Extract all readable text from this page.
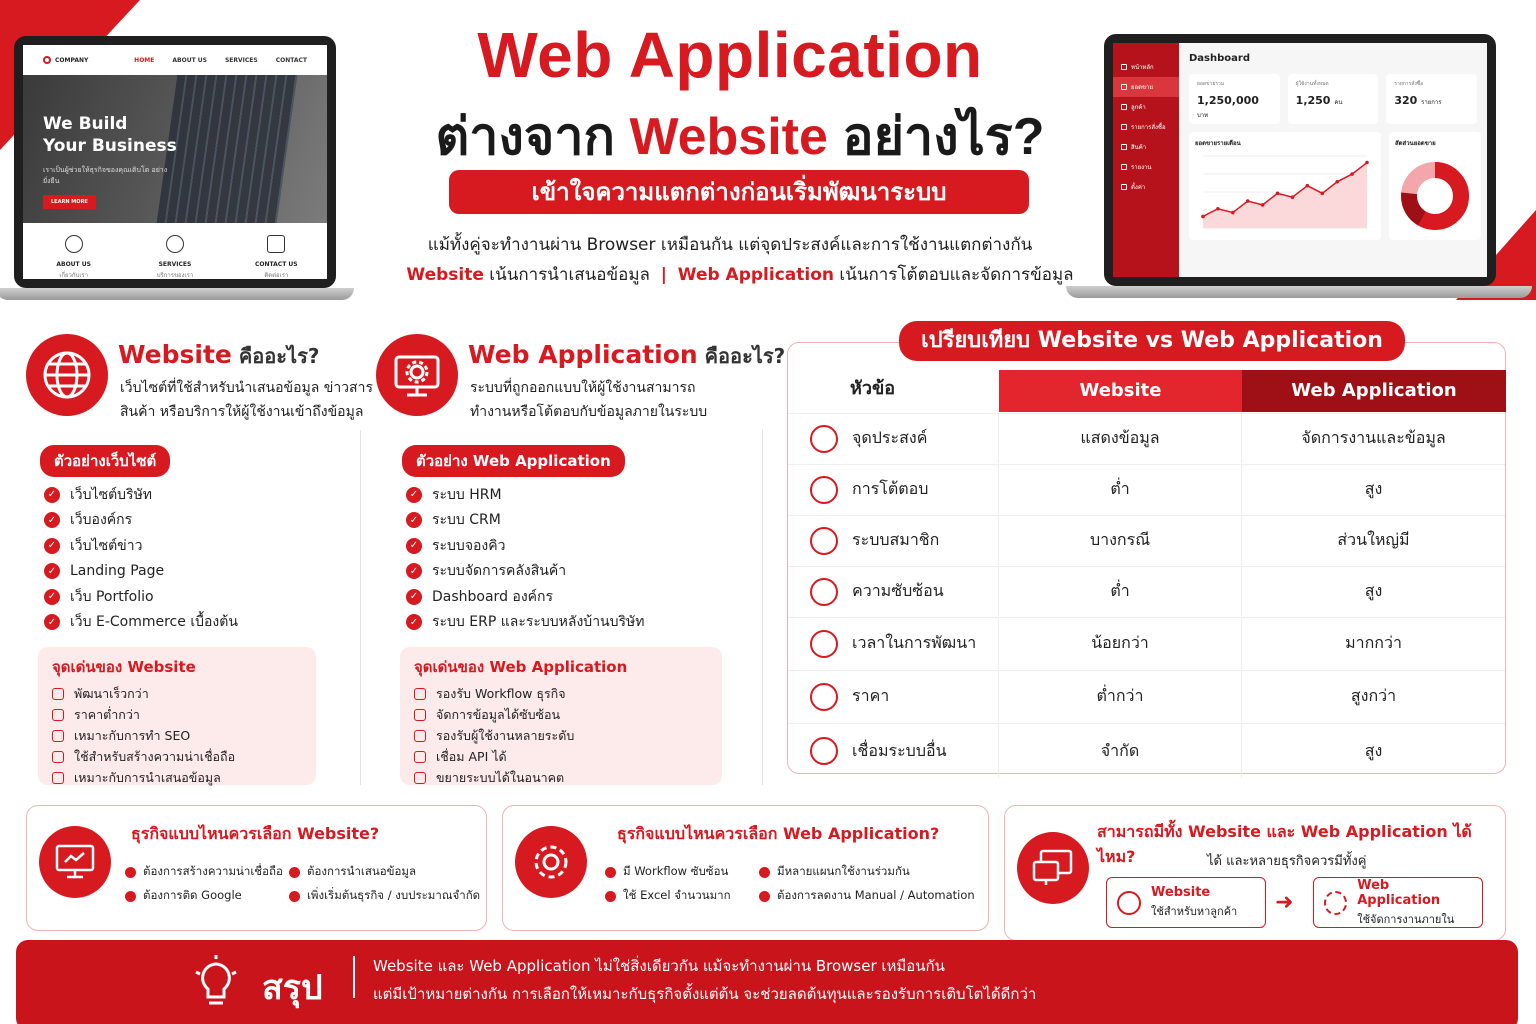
COMPANY	HOME	ABOUT US	SERVICES	CONTACT
We Build
Your Business
เราเป็นผู้ช่วยให้ธุรกิจของคุณเติบโต อย่างยั่งยืน
LEARN MORE
ABOUT US
เกี่ยวกับเรา
SERVICES
บริการของเรา
CONTACT US
ติดต่อเรา
หน้าหลัก
ยอดขาย
ลูกค้า
รายการสั่งซื้อ
สินค้า
รายงาน
ตั้งค่า
Dashboard
ยอดขายรวม
1,250,000 บาท
ผู้ใช้งานทั้งหมด
1,250 คน
รายการสั่งซื้อ
320 รายการ
ยอดขายรายเดือน	สัดส่วนยอดขาย
Web Application
ต่างจาก Website อย่างไร?
เข้าใจความแตกต่างก่อนเริ่มพัฒนาระบบ
แม้ทั้งคู่จะทำงานผ่าน Browser เหมือนกัน แต่จุดประสงค์และการใช้งานแตกต่างกัน
Website เน้นการนำเสนอข้อมูล | Web Application เน้นการโต้ตอบและจัดการข้อมูล
Website คืออะไร?
เว็บไซต์ที่ใช้สำหรับนำเสนอข้อมูล ข่าวสาร
สินค้า หรือบริการให้ผู้ใช้งานเข้าถึงข้อมูล
ตัวอย่างเว็บไซต์
✓ เว็บไซต์บริษัท
✓ เว็บองค์กร
✓ เว็บไซต์ข่าว
✓ Landing Page
✓ เว็บ Portfolio
✓ เว็บ E-Commerce เบื้องต้น
จุดเด่นของ Website
พัฒนาเร็วกว่า
ราคาต่ำกว่า
เหมาะกับการทำ SEO
ใช้สำหรับสร้างความน่าเชื่อถือ
เหมาะกับการนำเสนอข้อมูล
Web Application คืออะไร?
ระบบที่ถูกออกแบบให้ผู้ใช้งานสามารถ
ทำงานหรือโต้ตอบกับข้อมูลภายในระบบ
ตัวอย่าง Web Application
✓ ระบบ HRM
✓ ระบบ CRM
✓ ระบบจองคิว
✓ ระบบจัดการคลังสินค้า
✓ Dashboard องค์กร
✓ ระบบ ERP และระบบหลังบ้านบริษัท
จุดเด่นของ Web Application
รองรับ Workflow ธุรกิจ
จัดการข้อมูลได้ซับซ้อน
รองรับผู้ใช้งานหลายระดับ
เชื่อม API ได้
ขยายระบบได้ในอนาคต
หัวข้อ	Website	Web Application
จุดประสงค์	แสดงข้อมูล	จัดการงานและข้อมูล
การโต้ตอบ	ต่ำ	สูง
ระบบสมาชิก	บางกรณี	ส่วนใหญ่มี
ความซับซ้อน	ต่ำ	สูง
เวลาในการพัฒนา	น้อยกว่า	มากกว่า
ราคา	ต่ำกว่า	สูงกว่า
เชื่อมระบบอื่น	จำกัด	สูง
เปรียบเทียบ Website vs Web Application
ธุรกิจแบบไหนควรเลือก Website?
ต้องการสร้างความน่าเชื่อถือ ต้องการนำเสนอข้อมูล
ต้องการติด Google	เพิ่งเริ่มต้นธุรกิจ / งบประมาณจำกัด
ธุรกิจแบบไหนควรเลือก Web Application?
มี Workflow ซับซ้อน	มีหลายแผนกใช้งานร่วมกัน
ใช้ Excel จำนวนมาก	ต้องการลดงาน Manual / Automation
สามารถมีทั้ง Website และ Web Application ได้ไหม?	ได้ และหลายธุรกิจควรมีทั้งคู่
Website
ใช้สำหรับหาลูกค้า ➜
Web Application
ใช้จัดการงานภายใน
สรุป

Website และ Web Application ไม่ใช่สิ่งเดียวกัน แม้จะทำงานผ่าน Browser เหมือนกัน

แต่มีเป้าหมายต่างกัน การเลือกให้เหมาะกับธุรกิจตั้งแต่ต้น จะช่วยลดต้นทุนและรองรับการเติบโตได้ดีกว่า
